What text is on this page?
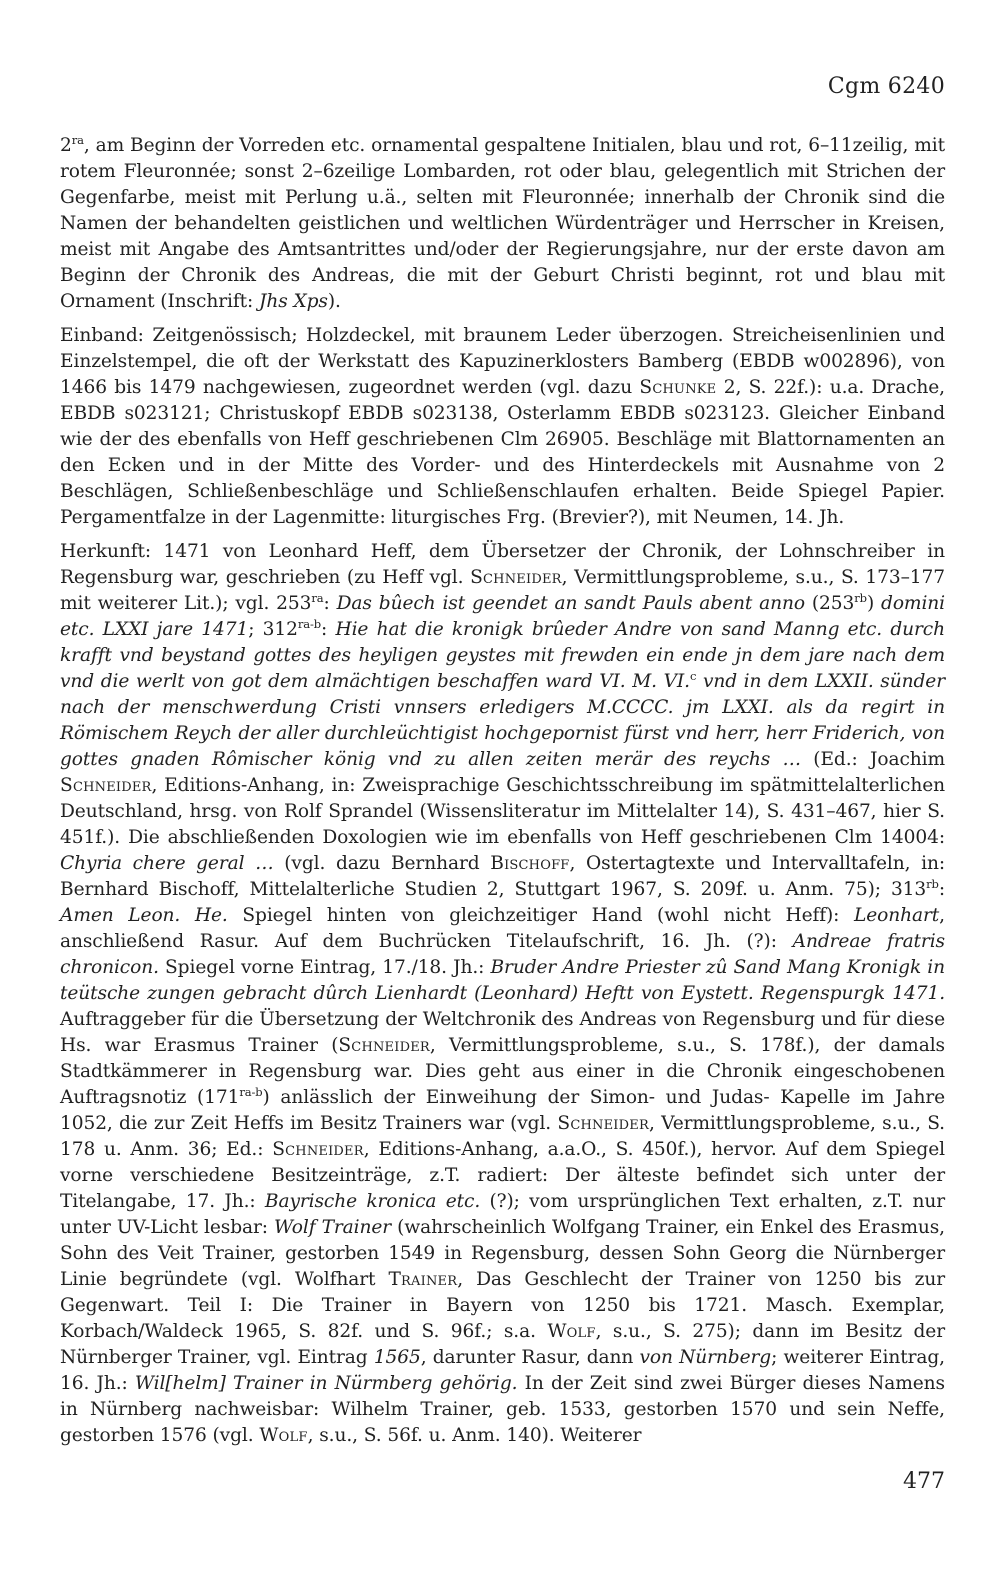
Cgm 6240

$2^{ra}$, am Beginn der Vorreden etc. ornamental gespaltene Initialen, blau und rot, 6–11zeilig, mit rotem Fleuronnée; sonst 2–6zeilige Lombarden, rot oder blau, gelegentlich mit Strichen der Gegenfarbe, meist mit Perlung u.ä., selten mit Fleuronnée; innerhalb der Chronik sind die Namen der behandelten geistlichen und weltlichen Würdenträger und Herrscher in Kreisen, meist mit Angabe des Amtsantrittes und/oder der Regierungsjahre, nur der erste davon am Beginn der Chronik des Andreas, die mit der Geburt Christi beginnt, rot und blau mit Ornament (Inschrift: Jhs Xps).

Einband: Zeitgenössisch; Holzdeckel, mit braunem Leder überzogen. Streicheisenlinien und Einzelstempel, die oft der Werkstatt des Kapuzinerklosters Bamberg (EBDB w002896), von 1466 bis 1479 nachgewiesen, zugeordnet werden (vgl. dazu Schunke 2, S. 22f.): u.a. Drache, EBDB s023121; Christuskopf EBDB s023138, Osterlamm EBDB s023123. Gleicher Einband wie der des ebenfalls von Heff geschriebenen Clm 26905. Beschläge mit Blattornamenten an den Ecken und in der Mitte des Vorder- und des Hinterdeckels mit Ausnahme von 2 Beschlägen, Schließenbeschläge und Schließenschlaufen erhalten. Beide Spiegel Papier. Pergamentfalze in der Lagenmitte: liturgisches Frg. (Brevier?), mit Neumen, 14. Jh.

Herkunft: 1471 von Leonhard Heff, dem Übersetzer der Chronik, der Lohnschreiber in Regensburg war, geschrieben (zu Heff vgl. Schneider, Vermittlungsprobleme, s.u., S. 173–177 mit weiterer Lit.); vgl. $253^{ra}$: Das bûech ist geendet an sandt Pauls abent anno $(253^{rb})$ domini etc. LXXI jare 1471; $312^{ra-b}$: Hie hat die kronigk brûeder Andre von sand Manng etc. durch krafft vnd beystand gottes des heyligen geystes mit frewden ein ende jn dem jare nach dem vnd die werlt von got dem almächtigen beschaffen ward VI. M. VI.$^c$ vnd in dem LXXII. sünder nach der menschwerdung Cristi vnnsers erledigers M.CCCC. jm LXXI. als da regirt in Römischem Reych der aller durchleüchtigist hochgepornist fürst vnd herr, herr Friderich, von gottes gnaden Rômischer könig vnd zu allen zeiten merär des reychs … (Ed.: Joachim Schneider, Editions-Anhang, in: Zweisprachige Geschichtsschreibung im spätmittelalterlichen Deutschland, hrsg. von Rolf Sprandel (Wissensliteratur im Mittelalter 14), S. 431–467, hier S. 451f.). Die abschließenden Doxologien wie im ebenfalls von Heff geschriebenen Clm 14004: Chyria chere geral … (vgl. dazu Bernhard Bischoff, Ostertagtexte und Intervalltafeln, in: Bernhard Bischoff, Mittelalterliche Studien 2, Stuttgart 1967, S. 209f. u. Anm. 75); $313^{rb}$: Amen Leon. He. Spiegel hinten von gleichzeitiger Hand (wohl nicht Heff): Leonhart, anschließend Rasur. Auf dem Buchrücken Titelaufschrift, 16. Jh. (?): Andreae fratris chronicon. Spiegel vorne Eintrag, 17./18. Jh.: Bruder Andre Priester zû Sand Mang Kronigk in teütsche zungen gebracht dûrch Lienhardt (Leonhard) Heftt von Eystett. Regenspurgk 1471. Auftraggeber für die Übersetzung der Weltchronik des Andreas von Regensburg und für diese Hs. war Erasmus Trainer (Schneider, Vermittlungsprobleme, s.u., S. 178f.), der damals Stadtkämmerer in Regensburg war. Dies geht aus einer in die Chronik eingeschobenen Auftragsnotiz $(171^{ra-b})$ anlässlich der Einweihung der Simon- und Judas- Kapelle im Jahre 1052, die zur Zeit Heffs im Besitz Trainers war (vgl. Schneider, Vermittlungsprobleme, s.u., S. 178 u. Anm. 36; Ed.: Schneider, Editions-Anhang, a.a.O., S. 450f.), hervor. Auf dem Spiegel vorne verschiedene Besitzeinträge, z.T. radiert: Der älteste befindet sich unter der Titelangabe, 17. Jh.: Bayrische kronica etc. (?); vom ursprünglichen Text erhalten, z.T. nur unter UV-Licht lesbar: Wolf Trainer (wahrscheinlich Wolfgang Trainer, ein Enkel des Erasmus, Sohn des Veit Trainer, gestorben 1549 in Regensburg, dessen Sohn Georg die Nürnberger Linie begründete (vgl. Wolfhart Trainer, Das Geschlecht der Trainer von 1250 bis zur Gegenwart. Teil I: Die Trainer in Bayern von 1250 bis 1721. Masch. Exemplar, Korbach/Waldeck 1965, S. 82f. und S. 96f.; s.a. Wolf, s.u., S. 275); dann im Besitz der Nürnberger Trainer, vgl. Eintrag 1565, darunter Rasur, dann von Nürnberg; weiterer Eintrag, 16. Jh.: Wil[helm] Trainer in Nürmberg gehörig. In der Zeit sind zwei Bürger dieses Namens in Nürnberg nachweisbar: Wilhelm Trainer, geb. 1533, gestorben 1570 und sein Neffe, gestorben 1576 (vgl. Wolf, s.u., S. 56f. u. Anm. 140). Weiterer

477
